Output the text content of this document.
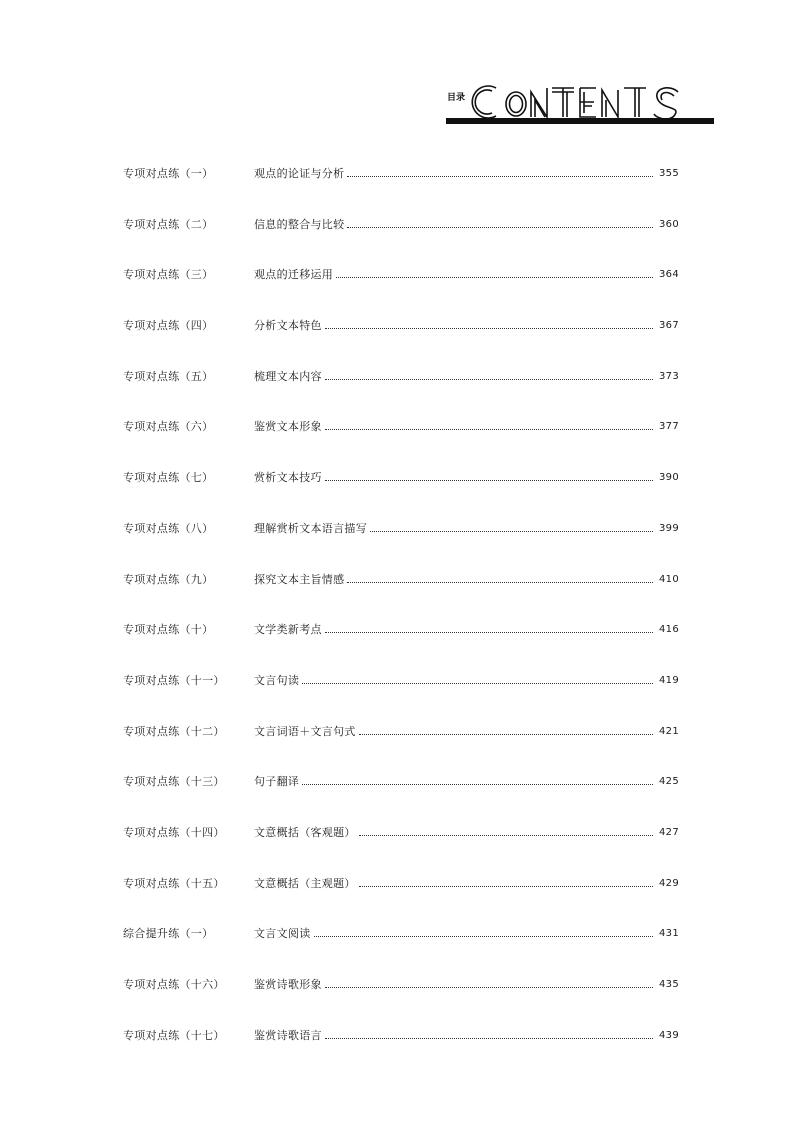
目录
专项对点练（一）	观点的论证与分析	355
专项对点练（二）	信息的整合与比较	360
专项对点练（三）	观点的迁移运用	364
专项对点练（四）	分析文本特色	367
专项对点练（五）	梳理文本内容	373
专项对点练（六）	鉴赏文本形象	377
专项对点练（七）	赏析文本技巧	390
专项对点练（八）	理解赏析文本语言描写	399
专项对点练（九）	探究文本主旨情感	410
专项对点练（十）	文学类新考点	416
专项对点练（十一）	文言句读	419
专项对点练（十二）	文言词语＋文言句式	421
专项对点练（十三）	句子翻译	425
专项对点练（十四）	文意概括（客观题）	427
专项对点练（十五）	文意概括（主观题）	429
综合提升练（一）	文言文阅读	431
专项对点练（十六）	鉴赏诗歌形象	435
专项对点练（十七）	鉴赏诗歌语言	439
